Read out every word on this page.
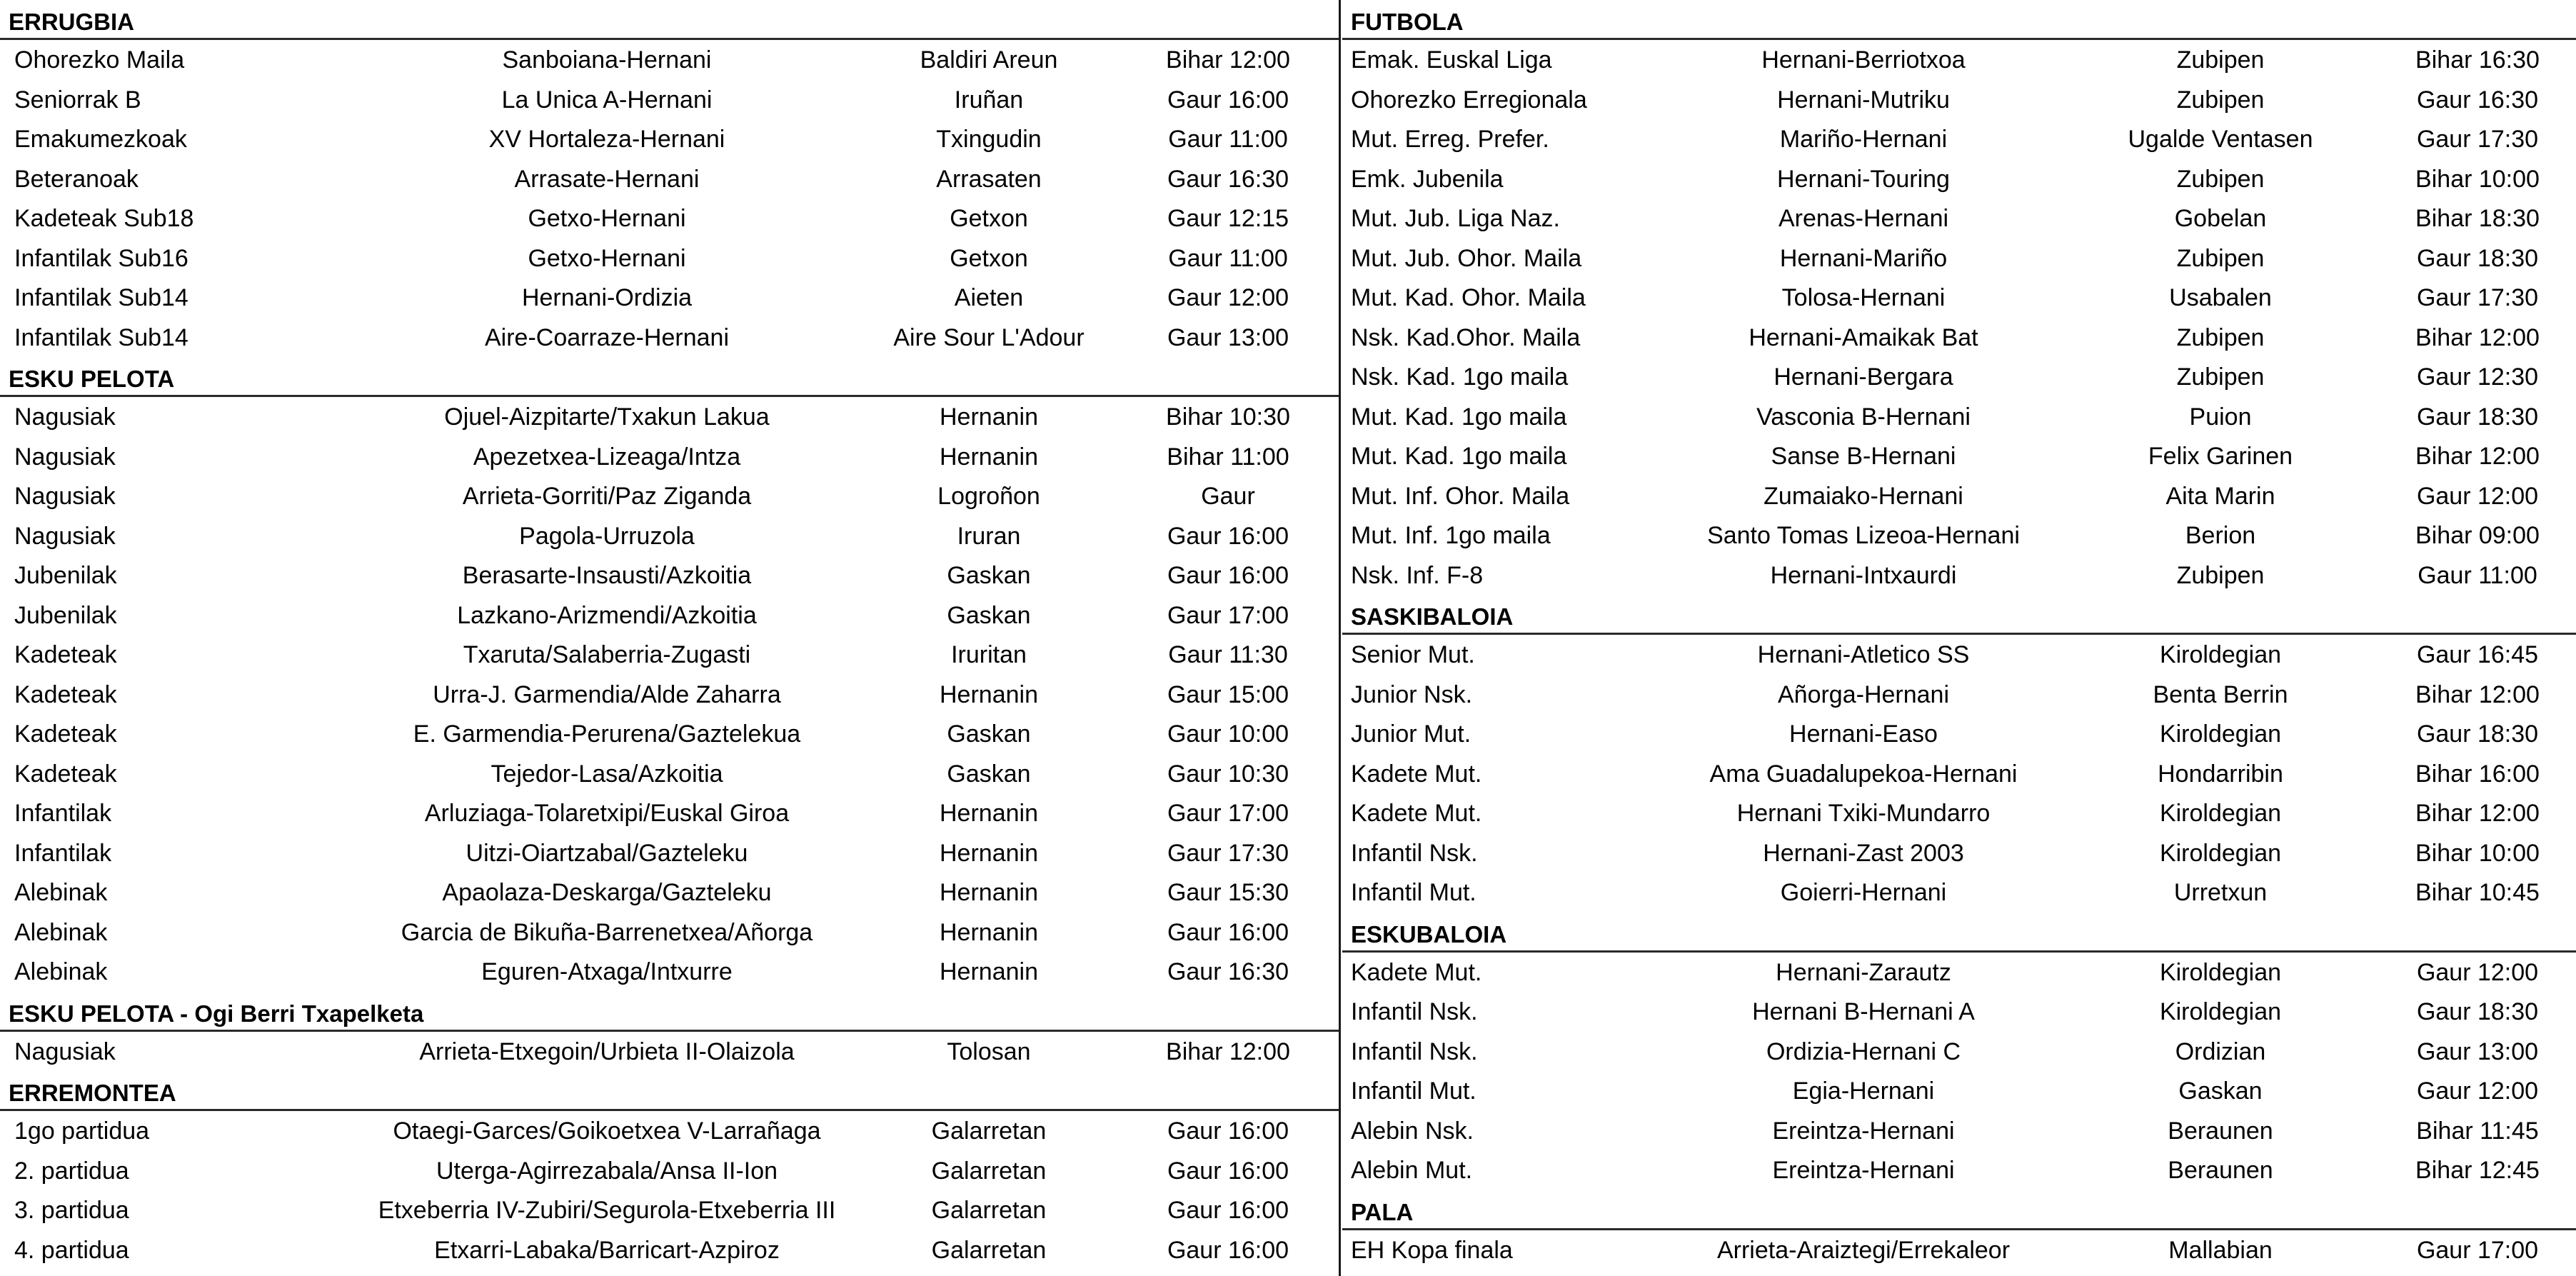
ERRUGBIA
Ohorezko Maila	Sanboiana-Hernani	Baldiri Areun	Bihar 12:00
Seniorrak B	La Unica A-Hernani	Iruñan	Gaur 16:00
Emakumezkoak	XV Hortaleza-Hernani	Txingudin	Gaur 11:00
Beteranoak	Arrasate-Hernani	Arrasaten	Gaur 16:30
Kadeteak Sub18	Getxo-Hernani	Getxon	Gaur 12:15
Infantilak Sub16	Getxo-Hernani	Getxon	Gaur 11:00
Infantilak Sub14	Hernani-Ordizia	Aieten	Gaur 12:00
Infantilak Sub14	Aire-Coarraze-Hernani	Aire Sour L'Adour	Gaur 13:00
ESKU PELOTA
Nagusiak	Ojuel-Aizpitarte/Txakun Lakua	Hernanin	Bihar 10:30
Nagusiak	Apezetxea-Lizeaga/Intza	Hernanin	Bihar 11:00
Nagusiak	Arrieta-Gorriti/Paz Ziganda	Logroñon	Gaur
Nagusiak	Pagola-Urruzola	Iruran	Gaur 16:00
Jubenilak	Berasarte-Insausti/Azkoitia	Gaskan	Gaur 16:00
Jubenilak	Lazkano-Arizmendi/Azkoitia	Gaskan	Gaur 17:00
Kadeteak	Txaruta/Salaberria-Zugasti	Iruritan	Gaur 11:30
Kadeteak	Urra-J. Garmendia/Alde Zaharra	Hernanin	Gaur 15:00
Kadeteak	E. Garmendia-Perurena/Gaztelekua	Gaskan	Gaur 10:00
Kadeteak	Tejedor-Lasa/Azkoitia	Gaskan	Gaur 10:30
Infantilak	Arluziaga-Tolaretxipi/Euskal Giroa	Hernanin	Gaur 17:00
Infantilak	Uitzi-Oiartzabal/Gazteleku	Hernanin	Gaur 17:30
Alebinak	Apaolaza-Deskarga/Gazteleku	Hernanin	Gaur 15:30
Alebinak	Garcia de Bikuña-Barrenetxea/Añorga	Hernanin	Gaur 16:00
Alebinak	Eguren-Atxaga/Intxurre	Hernanin	Gaur 16:30
ESKU PELOTA - Ogi Berri Txapelketa
Nagusiak	Arrieta-Etxegoin/Urbieta II-Olaizola	Tolosan	Bihar 12:00
ERREMONTEA
1go partidua	Otaegi-Garces/Goikoetxea V-Larrañaga	Galarretan	Gaur 16:00
2. partidua	Uterga-Agirrezabala/Ansa II-Ion	Galarretan	Gaur 16:00
3. partidua	Etxeberria IV-Zubiri/Segurola-Etxeberria III	Galarretan	Gaur 16:00
4. partidua	Etxarri-Labaka/Barricart-Azpiroz	Galarretan	Gaur 16:00
FUTBOLA
Emak. Euskal Liga	Hernani-Berriotxoa	Zubipen	Bihar 16:30
Ohorezko Erregionala	Hernani-Mutriku	Zubipen	Gaur 16:30
Mut. Erreg. Prefer.	Mariño-Hernani	Ugalde Ventasen	Gaur 17:30
Emk. Jubenila	Hernani-Touring	Zubipen	Bihar 10:00
Mut. Jub. Liga Naz.	Arenas-Hernani	Gobelan	Bihar 18:30
Mut. Jub. Ohor. Maila	Hernani-Mariño	Zubipen	Gaur 18:30
Mut. Kad. Ohor. Maila	Tolosa-Hernani	Usabalen	Gaur 17:30
Nsk. Kad.Ohor. Maila	Hernani-Amaikak Bat	Zubipen	Bihar 12:00
Nsk. Kad. 1go maila	Hernani-Bergara	Zubipen	Gaur 12:30
Mut. Kad. 1go maila	Vasconia B-Hernani	Puion	Gaur 18:30
Mut. Kad. 1go maila	Sanse B-Hernani	Felix Garinen	Bihar 12:00
Mut. Inf. Ohor. Maila	Zumaiako-Hernani	Aita Marin	Gaur 12:00
Mut. Inf. 1go maila	Santo Tomas Lizeoa-Hernani	Berion	Bihar 09:00
Nsk. Inf. F-8	Hernani-Intxaurdi	Zubipen	Gaur 11:00
SASKIBALOIA
Senior Mut.	Hernani-Atletico SS	Kiroldegian	Gaur 16:45
Junior Nsk.	Añorga-Hernani	Benta Berrin	Bihar 12:00
Junior Mut.	Hernani-Easo	Kiroldegian	Gaur 18:30
Kadete Mut.	Ama Guadalupekoa-Hernani	Hondarribin	Bihar 16:00
Kadete Mut.	Hernani Txiki-Mundarro	Kiroldegian	Bihar 12:00
Infantil Nsk.	Hernani-Zast 2003	Kiroldegian	Bihar 10:00
Infantil Mut.	Goierri-Hernani	Urretxun	Bihar 10:45
ESKUBALOIA
Kadete Mut.	Hernani-Zarautz	Kiroldegian	Gaur 12:00
Infantil Nsk.	Hernani B-Hernani A	Kiroldegian	Gaur 18:30
Infantil Nsk.	Ordizia-Hernani C	Ordizian	Gaur 13:00
Infantil Mut.	Egia-Hernani	Gaskan	Gaur 12:00
Alebin Nsk.	Ereintza-Hernani	Beraunen	Bihar 11:45
Alebin Mut.	Ereintza-Hernani	Beraunen	Bihar 12:45
PALA
EH Kopa finala	Arrieta-Araiztegi/Errekaleor	Mallabian	Gaur 17:00
